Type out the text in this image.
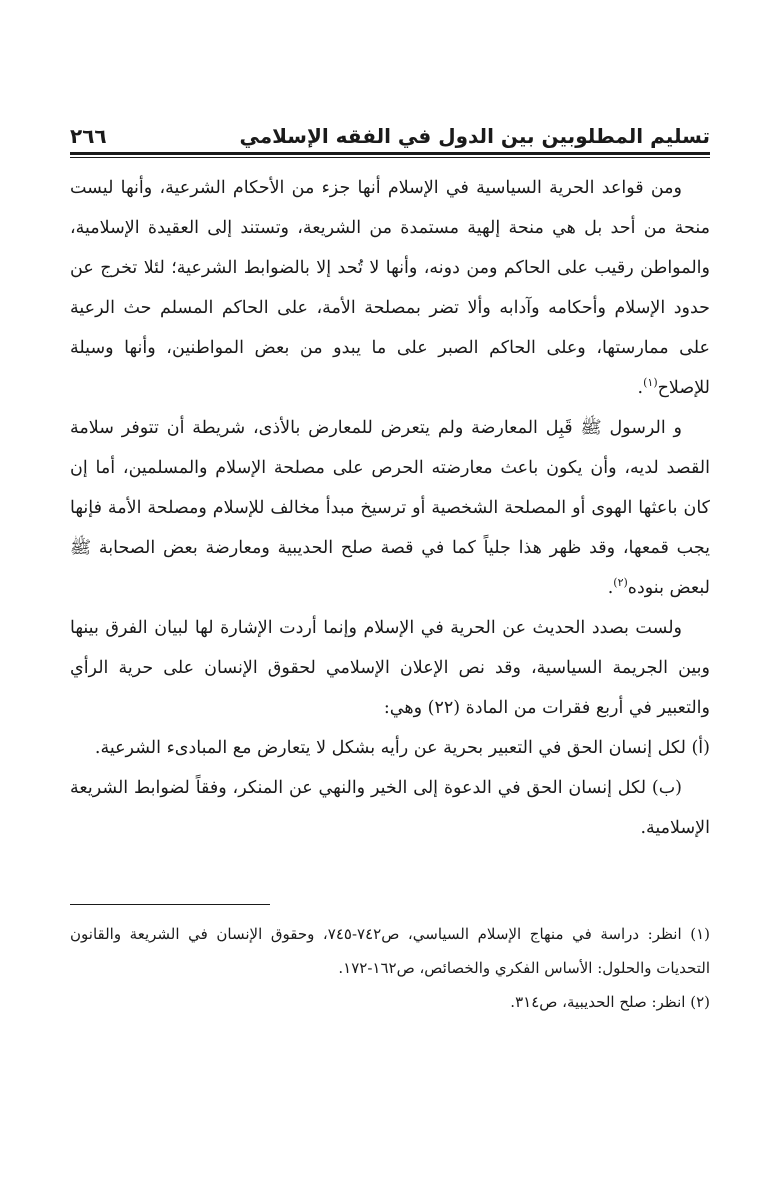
تسليم المطلوبين بين الدول في الفقه الإسلامي
٢٦٦

ومن قواعد الحرية السياسية في الإسلام أنها جزء من الأحكام الشرعية، وأنها ليست منحة من أحد بل هي منحة إلهية مستمدة من الشريعة، وتستند إلى العقيدة الإسلامية، والمواطن رقيب على الحاكم ومن دونه، وأنها لا تُحد إلا بالضوابط الشرعية؛ لئلا تخرج عن حدود الإسلام وأحكامه وآدابه وألا تضر بمصلحة الأمة، على الحاكم المسلم حث الرعية على ممارستها، وعلى الحاكم الصبر على ما يبدو من بعض المواطنين، وأنها وسيلة للإصلاح$^{(١)}$.

و الرسول ﷺ قَبِل المعارضة ولم يتعرض للمعارض بالأذى، شريطة أن تتوفر سلامة القصد لديه، وأن يكون باعث معارضته الحرص على مصلحة الإسلام والمسلمين، أما إن كان باعثها الهوى أو المصلحة الشخصية أو ترسيخ مبدأ مخالف للإسلام ومصلحة الأمة فإنها يجب قمعها، وقد ظهر هذا جلياً كما في قصة صلح الحديبية ومعارضة بعض الصحابة ﷺ لبعض بنوده$^{(٢)}$.

ولست بصدد الحديث عن الحرية في الإسلام وإنما أردت الإشارة لها لبيان الفرق بينها وبين الجريمة السياسية، وقد نص الإعلان الإسلامي لحقوق الإنسان على حرية الرأي والتعبير في أربع فقرات من المادة (٢٢) وهي:

(أ) لكل إنسان الحق في التعبير بحرية عن رأيه بشكل لا يتعارض مع المبادىء الشرعية.

(ب) لكل إنسان الحق في الدعوة إلى الخير والنهي عن المنكر، وفقاً لضوابط الشريعة الإسلامية.

(١) انظر: دراسة في منهاج الإسلام السياسي، ص٧٤٢-٧٤٥، وحقوق الإنسان في الشريعة والقانون التحديات والحلول: الأساس الفكري والخصائص، ص١٦٢-١٧٢.

(٢) انظر: صلح الحديبية، ص٣١٤.
